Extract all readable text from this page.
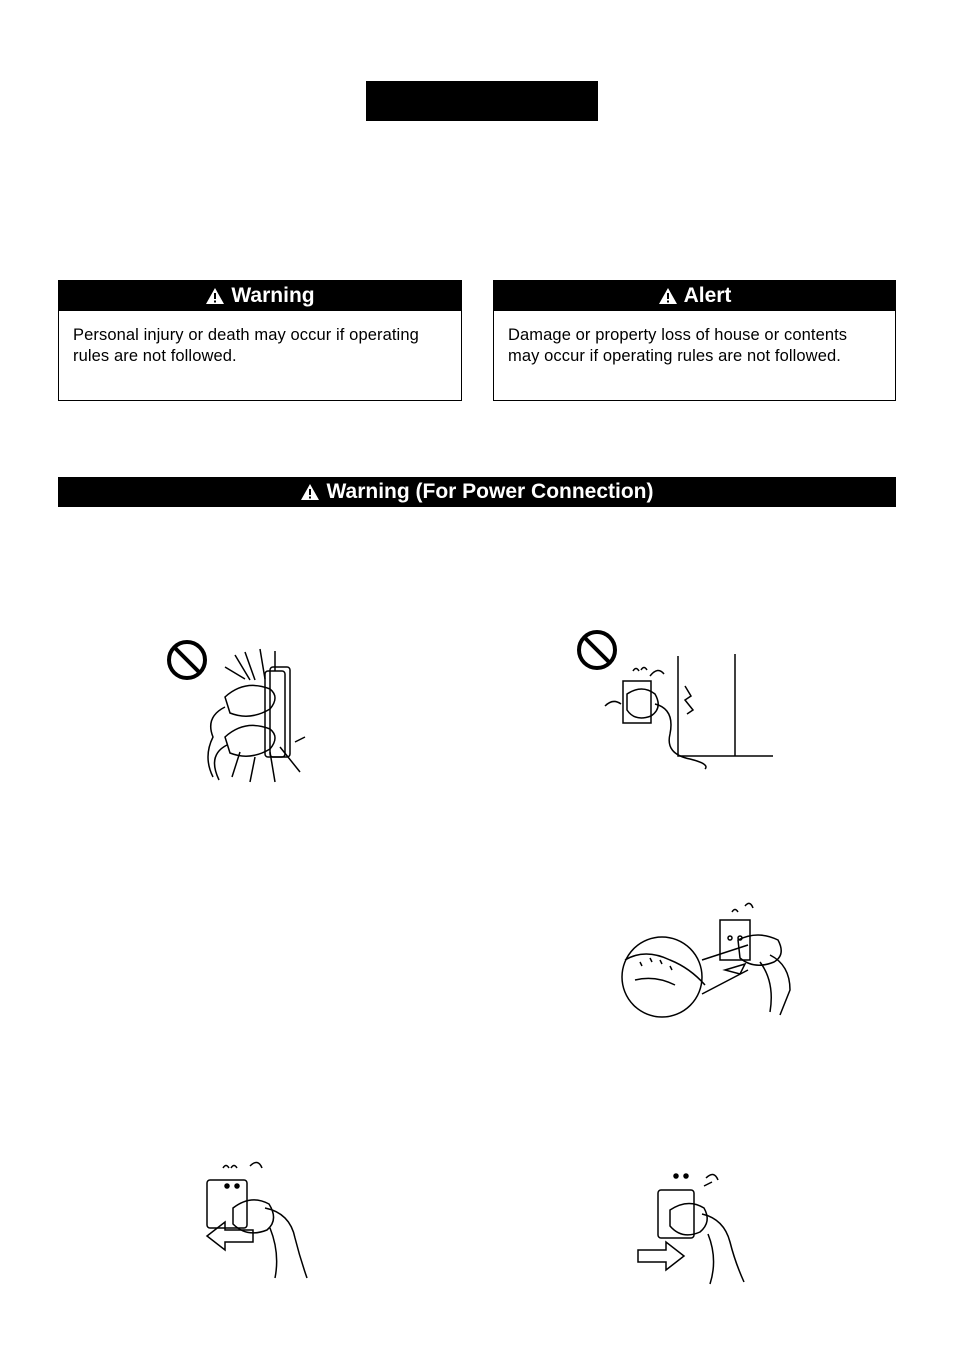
Warning
Personal injury or death may occur if operating rules are not followed.
Alert
Damage or property loss of house or contents may occur if operating rules are not followed.
Warning (For Power Connection)
